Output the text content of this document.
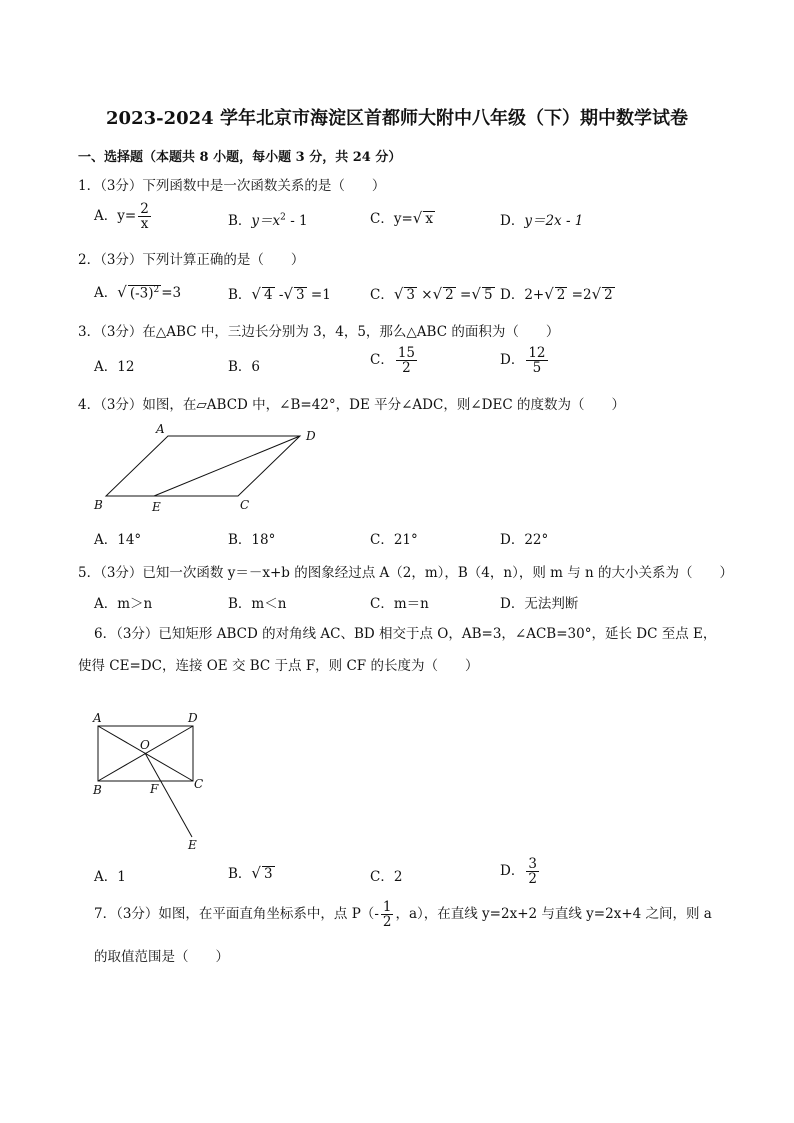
2023-2024 学年北京市海淀区首都师大附中八年级（下）期中数学试卷
一、选择题（本题共 8 小题，每小题 3 分，共 24 分）
1．（3分）下列函数中是一次函数关系的是（　　）
A．$y= \frac{2}{x}$	B．$y=x^2 - 1$	C．y=√ x	D．y＝2x - 1
2．（3分）下列计算正确的是（　　）
A．√ $(-3)^2 =3$	B．√ 4 -√ 3 =1	C．√ 3 ×√ 2 =√ 5 D．2+√ 2 =2√ 2
3．（3分）在△ABC 中，三边长分别为 3，4，5，那么△ABC 的面积为（　　）
A．12	B．6	C． $\frac{15}{2}$	D． $\frac{12}{5}$
4．（3分）如图，在▱ABCD 中，∠B=42°，DE 平分∠ADC，则∠DEC 的度数为（　　）
A	D
B	E	C
A．14°	B．18°	C．21°	D．22°
5．（3分）已知一次函数 y＝－x+b 的图象经过点 A（2，m），B（4，n），则 m 与 n 的大小关系为（　　）
A．m＞n	B．m＜n	C．m＝n	D．无法判断
6．（3分）已知矩形 ABCD 的对角线 AC、BD 相交于点 O，AB=3，∠ACB=30°，延长 DC 至点 E，
使得 CE=DC，连接 OE 交 BC 于点 F，则 CF 的长度为（　　）
A	D
O
B	F	C
E
A．1	B．√ 3	C．2	D． $\frac{3}{2}$
7．（3分）如图，在平面直角坐标系中，点 $P(- \frac{1}{2}$ ，a），在直线 y=2x+2 与直线 y=2x+4 之间，则 a
的取值范围是（　　）
